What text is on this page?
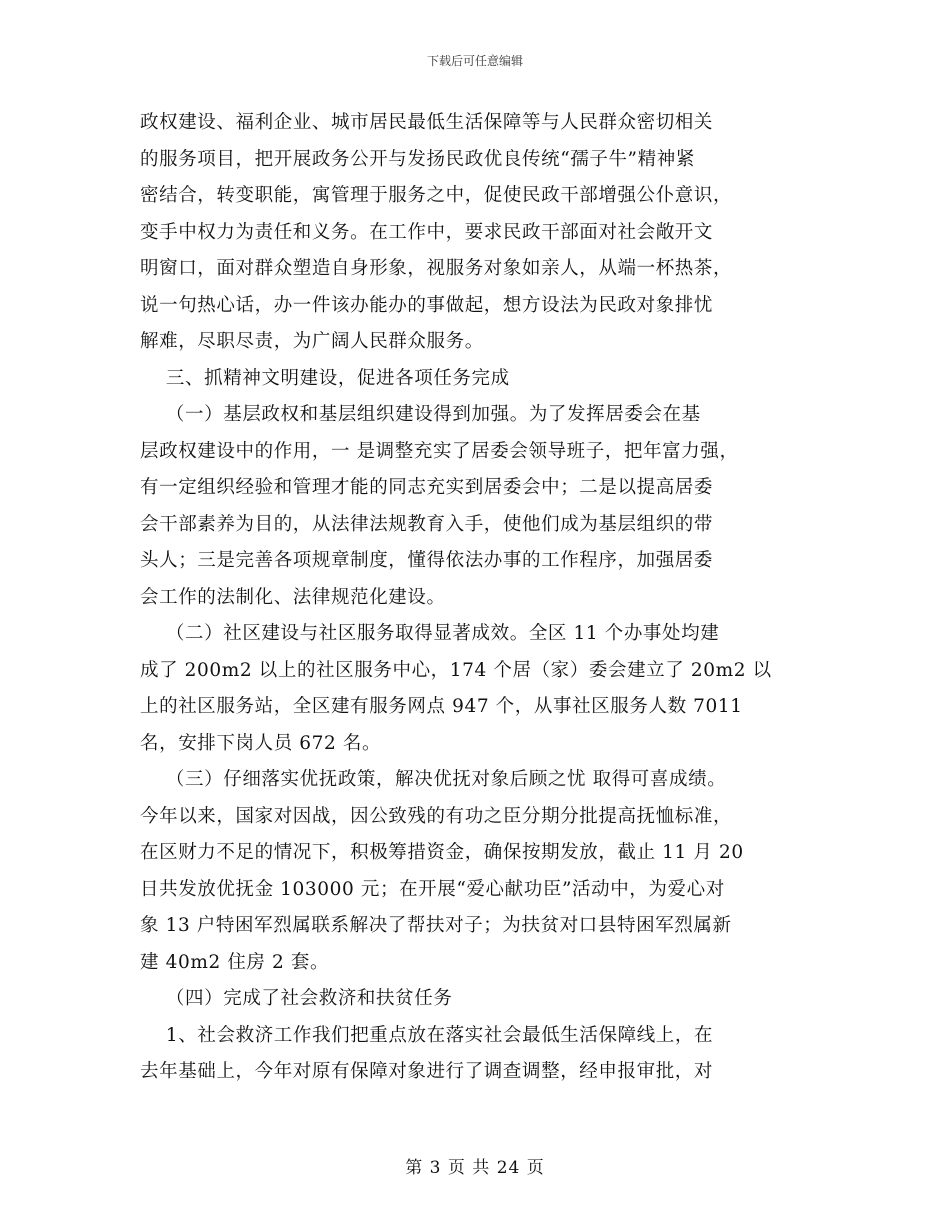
下载后可任意编辑
政权建设、福利企业、城市居民最低生活保障等与人民群众密切相关
的服务项目，把开展政务公开与发扬民政优良传统“孺子牛”精神紧
密结合，转变职能，寓管理于服务之中，促使民政干部增强公仆意识，
变手中权力为责任和义务。在工作中，要求民政干部面对社会敞开文
明窗口，面对群众塑造自身形象，视服务对象如亲人，从端一杯热茶，
说一句热心话，办一件该办能办的事做起，想方设法为民政对象排忧
解难，尽职尽责，为广阔人民群众服务。
三、抓精神文明建设，促进各项任务完成
（一）基层政权和基层组织建设得到加强。为了发挥居委会在基
层政权建设中的作用，一 是调整充实了居委会领导班子，把年富力强，
有一定组织经验和管理才能的同志充实到居委会中；二是以提高居委
会干部素养为目的，从法律法规教育入手，使他们成为基层组织的带
头人；三是完善各项规章制度，懂得依法办事的工作程序，加强居委
会工作的法制化、法律规范化建设。
（二）社区建设与社区服务取得显著成效。全区 11 个办事处均建
成了 200m2 以上的社区服务中心，174 个居（家）委会建立了 20m2 以
上的社区服务站，全区建有服务网点 947 个，从事社区服务人数 7011
名，安排下岗人员 672 名。
（三）仔细落实优抚政策，解决优抚对象后顾之忧 取得可喜成绩。
今年以来，国家对因战，因公致残的有功之臣分期分批提高抚恤标准，
在区财力不足的情况下，积极筹措资金，确保按期发放，截止 11 月 20
日共发放优抚金 103000 元；在开展“爱心献功臣”活动中，为爱心对
象 13 户特困军烈属联系解决了帮扶对子；为扶贫对口县特困军烈属新
建 40m2 住房 2 套。
（四）完成了社会救济和扶贫任务
1、社会救济工作我们把重点放在落实社会最低生活保障线上，在
去年基础上，今年对原有保障对象进行了调查调整，经申报审批，对
第 3 页 共 24 页
